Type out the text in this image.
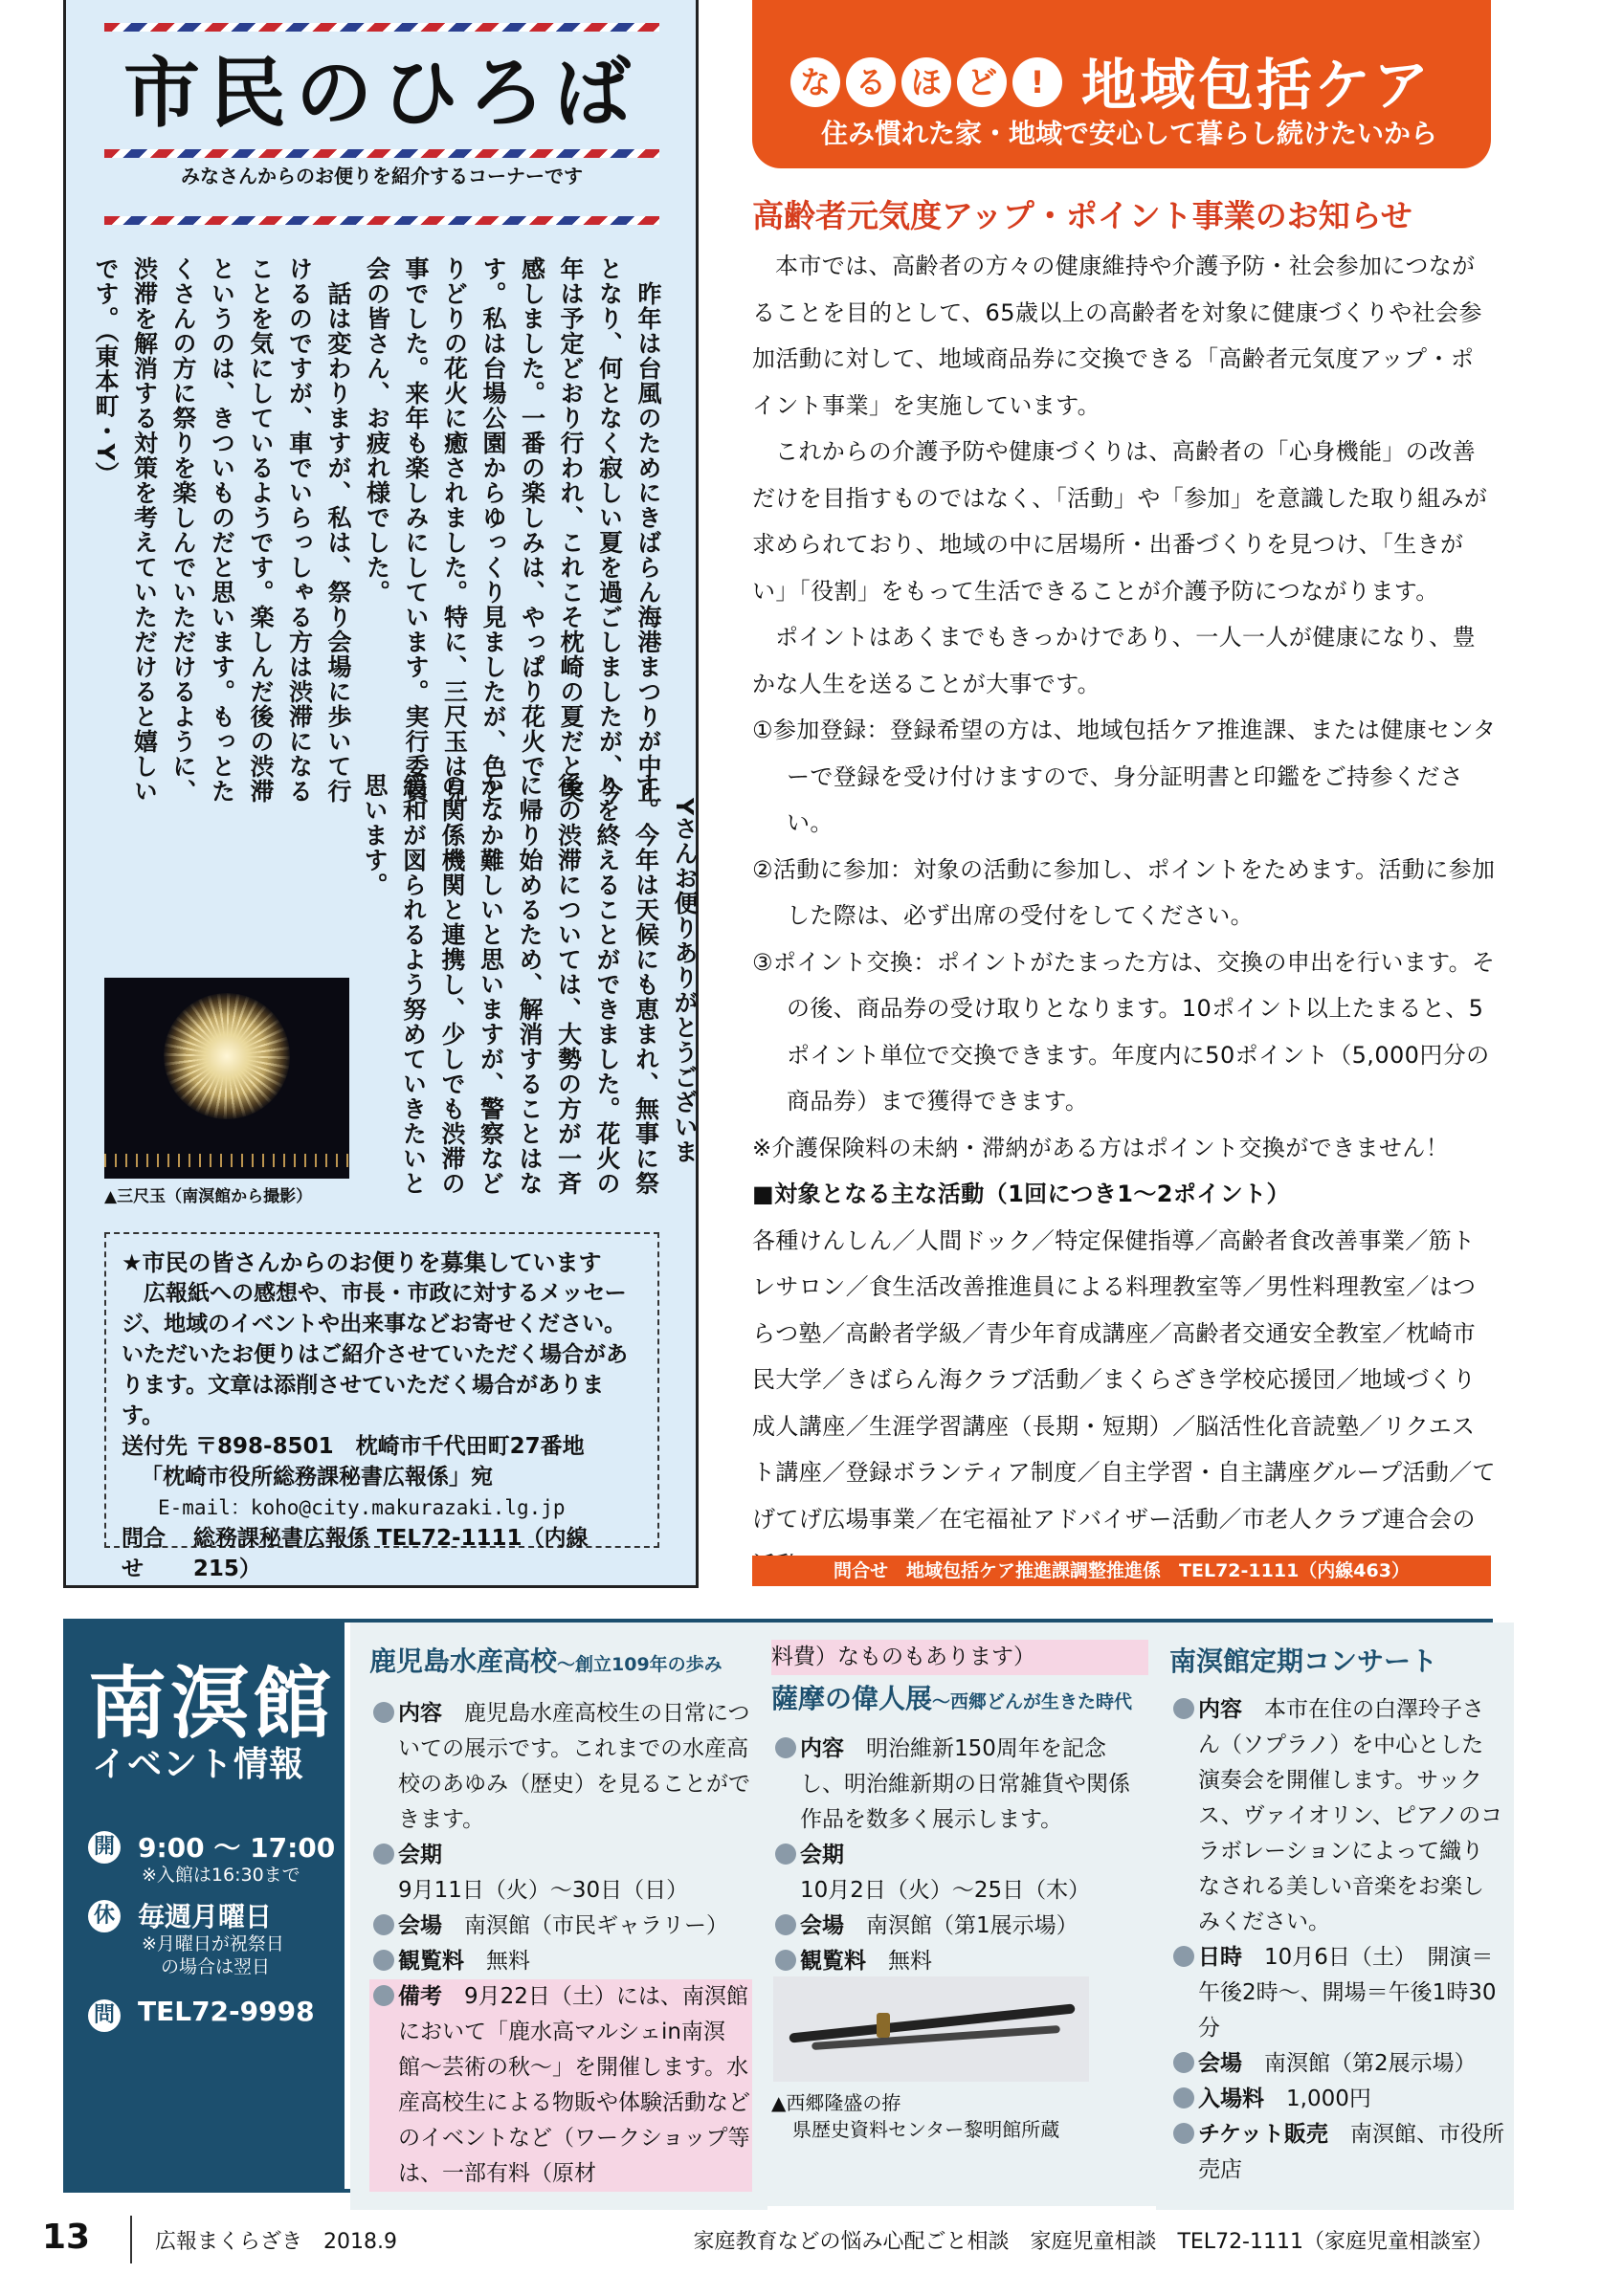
市民のひろば
みなさんからのお便りを紹介するコーナーです
　昨年は台風のためにきばらん海港まつりが中止となり、何となく寂しい夏を過ごしましたが、今年は予定どおり行われ、これこそ枕崎の夏だと実感しました。一番の楽しみは、やっぱり花火です。私は台場公園からゆっくり見ましたが、色とりどりの花火に癒されました。特に、三尺玉は見事でした。来年も楽しみにしています。実行委員会の皆さん、お疲れ様でした。
　話は変わりますが、私は、祭り会場に歩いて行けるのですが、車でいらっしゃる方は渋滞になることを気にしているようです。楽しんだ後の渋滞というのは、きついものだと思います。もっとたくさんの方に祭りを楽しんでいただけるように、渋滞を解消する対策を考えていただけると嬉しいです。（東本町・Y）
　Yさんお便りありがとうございます。今年は天候にも恵まれ、無事に祭りを終えることができました。花火の後の渋滞については、大勢の方が一斉に帰り始めるため、解消することはなかなか難しいと思いますが、警察などの関係機関と連携し、少しでも渋滞の緩和が図られるよう努めていきたいと思います。
▲三尺玉（南溟館から撮影）
★市民の皆さんからのお便りを募集しています
広報紙への感想や、市長・市政に対するメッセージ、地域のイベントや出来事などお寄せください。いただいたお便りはご紹介させていただく場合があります。文章は添削させていただく場合があります。
送付先 〒898-8501　枕崎市千代田町27番地
「枕崎市役所総務課秘書広報係」宛
E-mail：koho@city.makurazaki.lg.jp
問合せ
総務課秘書広報係 TEL72-1111（内線215）
な る ほ ど	! 地域包括ケア
住み慣れた家・地域で安心して暮らし続けたいから
高齢者元気度アップ・ポイント事業のお知らせ

本市では、高齢者の方々の健康維持や介護予防・社会参加につながることを目的として、65歳以上の高齢者を対象に健康づくりや社会参加活動に対して、地域商品券に交換できる「高齢者元気度アップ・ポイント事業」を実施しています。

これからの介護予防や健康づくりは、高齢者の「心身機能」の改善だけを目指すものではなく、「活動」や「参加」を意識した取り組みが求められており、地域の中に居場所・出番づくりを見つけ、「生きがい」「役割」をもって生活できることが介護予防につながります。

ポイントはあくまでもきっかけであり、一人一人が健康になり、豊かな人生を送ることが大事です。

①参加登録：登録希望の方は、地域包括ケア推進課、または健康センターで登録を受け付けますので、身分証明書と印鑑をご持参ください。

②活動に参加：対象の活動に参加し、ポイントをためます。活動に参加した際は、必ず出席の受付をしてください。

③ポイント交換：ポイントがたまった方は、交換の申出を行います。その後、商品券の受け取りとなります。10ポイント以上たまると、5ポイント単位で交換できます。年度内に50ポイント（5,000円分の商品券）まで獲得できます。

※介護保険料の未納・滞納がある方はポイント交換ができません！

■対象となる主な活動（1回につき1〜2ポイント）

各種けんしん／人間ドック／特定保健指導／高齢者食改善事業／筋トレサロン／食生活改善推進員による料理教室等／男性料理教室／はつらつ塾／高齢者学級／青少年育成講座／高齢者交通安全教室／枕崎市民大学／きばらん海クラブ活動／まくらざき学校応援団／地域づくり成人講座／生涯学習講座（長期・短期）／脳活性化音読塾／リクエスト講座／登録ボランティア制度／自主学習・自主講座グループ活動／てげてげ広場事業／在宅福祉アドバイザー活動／市老人クラブ連合会の

問合せ　地域包括ケア推進課調整推進係　TEL72-1111（内線463）
南溟館
イベント情報
開 9:00 〜 17:00
※入館は16:30まで
休 毎週月曜日
※月曜日が祝祭日
の場合は翌日
問 TEL72-9998
鹿児島水産高校〜創立109年の歩み
内容　 鹿児島水産高校生の日常についての展示です。これまでの水産高校のあゆみ（歴史）を見ることができます。
会期　9月11日（火）〜30日（日）
会場　 南溟館（市民ギャラリー）
観覧料　 無料
備考　 9月22日（土）には、南溟館において「鹿水高マルシェin南溟館〜芸術の秋〜」を開催します。水産高校生による物販や体験活動などのイベントなど（ワークショップ等は、一部有料（原材
料費）なものもあります）
薩摩の偉人展〜西郷どんが生きた時代
内容　 明治維新150周年を記念し、明治維新期の日常雑貨や関係作品を数多く展示します。
会期　10月2日（火）〜25日（木）
会場　 南溟館（第1展示場）
観覧料　 無料
▲西郷隆盛の拵
県歴史資料センター黎明館所蔵
南溟館定期コンサート
内容　 本市在住の白澤玲子さん（ソプラノ）を中心とした演奏会を開催します。サックス、ヴァイオリン、ピアノのコラボレーションによって織りなされる美しい音楽をお楽しみください。
日時　 10月6日（土）　開演＝午後2時〜、開場＝午後1時30分
会場　 南溟館（第2展示場）
入場料　 1,000円
チケット販売　 南溟館、市役所売店
13	広報まくらざき　2018.9	家庭教育などの悩み心配ごと相談　家庭児童相談　TEL72-1111（家庭児童相談室）
